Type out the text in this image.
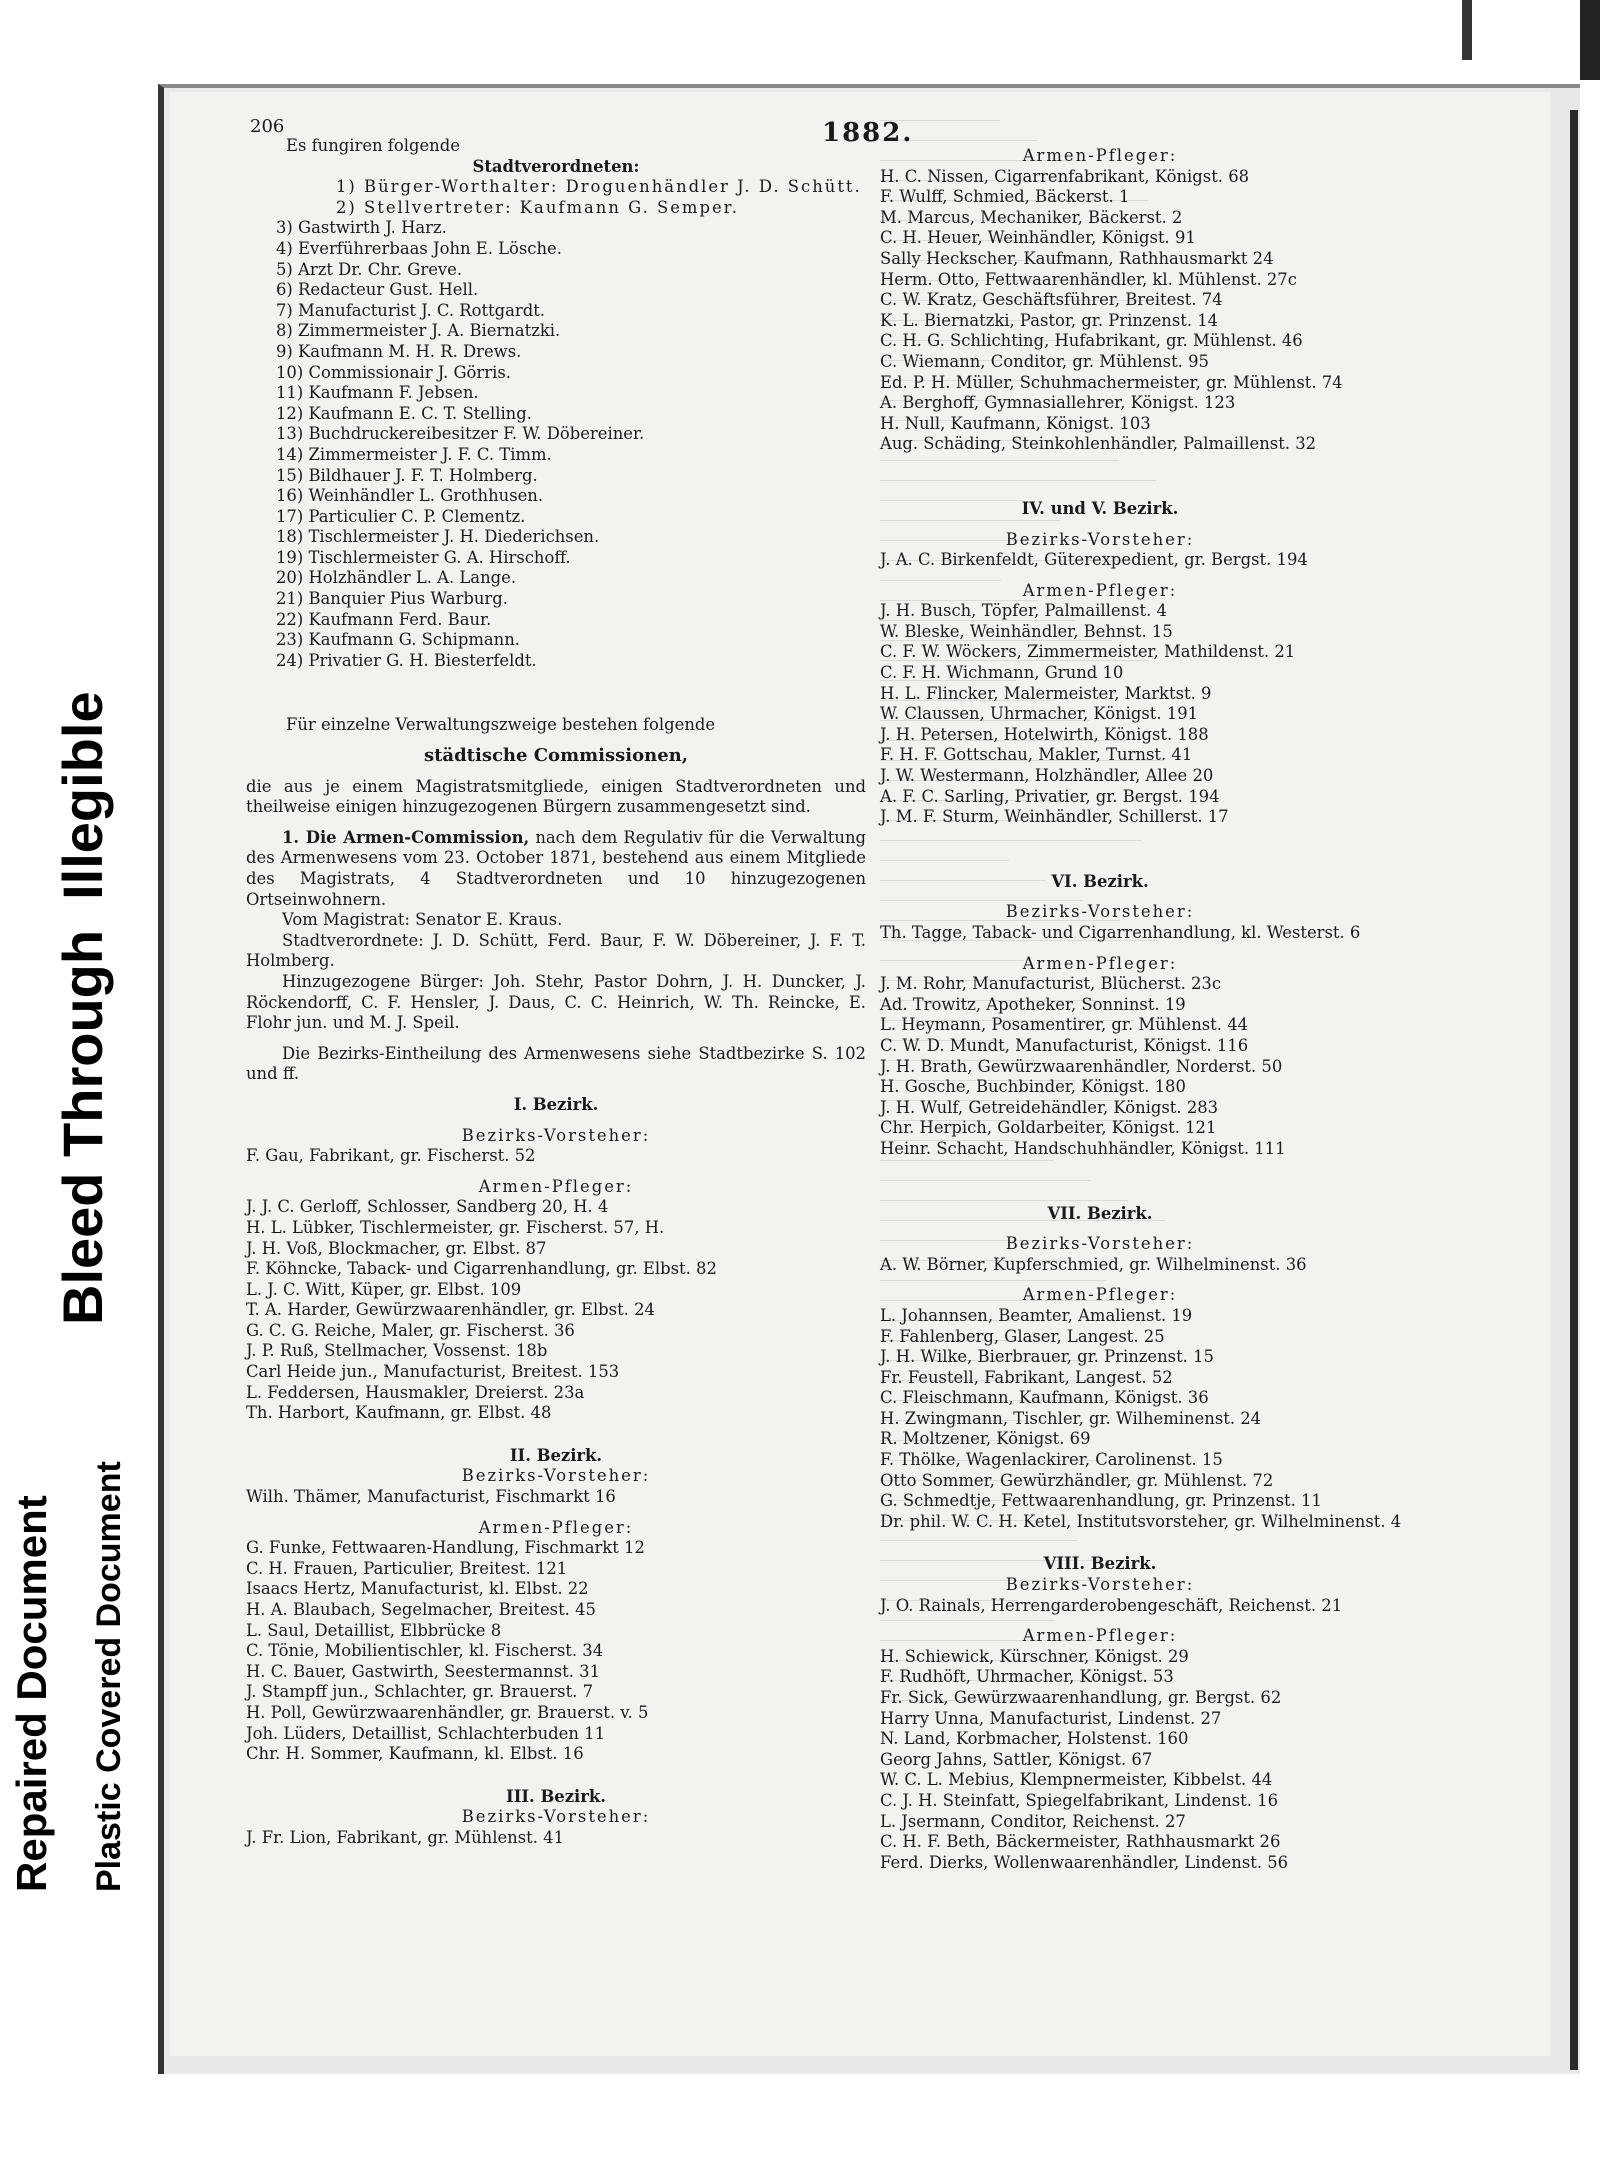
Repaired Document Plastic Covered Document
Bleed ThroughIllegible
206	1882.
Es fungiren folgende
Stadtverordneten:
1) Bürger-Worthalter: Droguenhändler J. D. Schütt.
2) Stellvertreter: Kaufmann G. Semper.
3) Gastwirth J. Harz.
4) Everführerbaas John E. Lösche.
5) Arzt Dr. Chr. Greve.
6) Redacteur Gust. Hell.
7) Manufacturist J. C. Rottgardt.
8) Zimmermeister J. A. Biernatzki.
9) Kaufmann M. H. R. Drews.
10) Commissionair J. Görris.
11) Kaufmann F. Jebsen.
12) Kaufmann E. C. T. Stelling.
13) Buchdruckereibesitzer F. W. Döbereiner.
14) Zimmermeister J. F. C. Timm.
15) Bildhauer J. F. T. Holmberg.
16) Weinhändler L. Grothhusen.
17) Particulier C. P. Clementz.
18) Tischlermeister J. H. Diederichsen.
19) Tischlermeister G. A. Hirschoff.
20) Holzhändler L. A. Lange.
21) Banquier Pius Warburg.
22) Kaufmann Ferd. Baur.
23) Kaufmann G. Schipmann.
24) Privatier G. H. Biesterfeldt.
Für einzelne Verwaltungszweige bestehen folgende
städtische Commissionen,
die aus je einem Magistratsmitgliede, einigen Stadtverordneten und theilweise einigen hinzugezogenen Bürgern zusammengesetzt sind.
1. Die Armen-Commission, nach dem Regulativ für die Verwaltung des Armenwesens vom 23. October 1871, bestehend aus einem Mitgliede des Magistrats, 4 Stadtverordneten und 10 hinzugezogenen Ortseinwohnern.
Vom Magistrat: Senator E. Kraus.
Stadtverordnete: J. D. Schütt, Ferd. Baur, F. W. Döbereiner, J. F. T. Holmberg.
Hinzugezogene Bürger: Joh. Stehr, Pastor Dohrn, J. H. Duncker, J. Röckendorff, C. F. Hensler, J. Daus, C. C. Heinrich, W. Th. Reincke, E. Flohr jun. und M. J. Speil.
Die Bezirks-Eintheilung des Armenwesens siehe Stadtbezirke S. 102 und ff.
I. Bezirk.
Bezirks-Vorsteher:
F. Gau, Fabrikant, gr. Fischerst. 52
Armen-Pfleger:
J. J. C. Gerloff, Schlosser, Sandberg 20, H. 4
H. L. Lübker, Tischlermeister, gr. Fischerst. 57, H.
J. H. Voß, Blockmacher, gr. Elbst. 87
F. Köhncke, Taback- und Cigarrenhandlung, gr. Elbst. 82
L. J. C. Witt, Küper, gr. Elbst. 109
T. A. Harder, Gewürzwaarenhändler, gr. Elbst. 24
G. C. G. Reiche, Maler, gr. Fischerst. 36
J. P. Ruß, Stellmacher, Vossenst. 18b
Carl Heide jun., Manufacturist, Breitest. 153
L. Feddersen, Hausmakler, Dreierst. 23a
Th. Harbort, Kaufmann, gr. Elbst. 48
II. Bezirk.
Bezirks-Vorsteher:
Wilh. Thämer, Manufacturist, Fischmarkt 16
Armen-Pfleger:
G. Funke, Fettwaaren-Handlung, Fischmarkt 12
C. H. Frauen, Particulier, Breitest. 121
Isaacs Hertz, Manufacturist, kl. Elbst. 22
H. A. Blaubach, Segelmacher, Breitest. 45
L. Saul, Detaillist, Elbbrücke 8
C. Tönie, Mobilientischler, kl. Fischerst. 34
H. C. Bauer, Gastwirth, Seestermannst. 31
J. Stampff jun., Schlachter, gr. Brauerst. 7
H. Poll, Gewürzwaarenhändler, gr. Brauerst. v. 5
Joh. Lüders, Detaillist, Schlachterbuden 11
Chr. H. Sommer, Kaufmann, kl. Elbst. 16
III. Bezirk.
Bezirks-Vorsteher:
J. Fr. Lion, Fabrikant, gr. Mühlenst. 41
Armen-Pfleger:
H. C. Nissen, Cigarrenfabrikant, Königst. 68
F. Wulff, Schmied, Bäckerst. 1
M. Marcus, Mechaniker, Bäckerst. 2
C. H. Heuer, Weinhändler, Königst. 91
Sally Heckscher, Kaufmann, Rathhausmarkt 24
Herm. Otto, Fettwaarenhändler, kl. Mühlenst. 27c
C. W. Kratz, Geschäftsführer, Breitest. 74
K. L. Biernatzki, Pastor, gr. Prinzenst. 14
C. H. G. Schlichting, Hufabrikant, gr. Mühlenst. 46
C. Wiemann, Conditor, gr. Mühlenst. 95
Ed. P. H. Müller, Schuhmachermeister, gr. Mühlenst. 74
A. Berghoff, Gymnasiallehrer, Königst. 123
H. Null, Kaufmann, Königst. 103
Aug. Schäding, Steinkohlenhändler, Palmaillenst. 32
IV. und V. Bezirk.
Bezirks-Vorsteher:
J. A. C. Birkenfeldt, Güterexpedient, gr. Bergst. 194
Armen-Pfleger:
J. H. Busch, Töpfer, Palmaillenst. 4
W. Bleske, Weinhändler, Behnst. 15
C. F. W. Wöckers, Zimmermeister, Mathildenst. 21
C. F. H. Wichmann, Grund 10
H. L. Flincker, Malermeister, Marktst. 9
W. Claussen, Uhrmacher, Königst. 191
J. H. Petersen, Hotelwirth, Königst. 188
F. H. F. Gottschau, Makler, Turnst. 41
J. W. Westermann, Holzhändler, Allee 20
A. F. C. Sarling, Privatier, gr. Bergst. 194
J. M. F. Sturm, Weinhändler, Schillerst. 17
VI. Bezirk.
Bezirks-Vorsteher:
Th. Tagge, Taback- und Cigarrenhandlung, kl. Westerst. 6
Armen-Pfleger:
J. M. Rohr, Manufacturist, Blücherst. 23c
Ad. Trowitz, Apotheker, Sonninst. 19
L. Heymann, Posamentirer, gr. Mühlenst. 44
C. W. D. Mundt, Manufacturist, Königst. 116
J. H. Brath, Gewürzwaarenhändler, Norderst. 50
H. Gosche, Buchbinder, Königst. 180
J. H. Wulf, Getreidehändler, Königst. 283
Chr. Herpich, Goldarbeiter, Königst. 121
Heinr. Schacht, Handschuhhändler, Königst. 111
VII. Bezirk.
Bezirks-Vorsteher:
A. W. Börner, Kupferschmied, gr. Wilhelminenst. 36
Armen-Pfleger:
L. Johannsen, Beamter, Amalienst. 19
F. Fahlenberg, Glaser, Langest. 25
J. H. Wilke, Bierbrauer, gr. Prinzenst. 15
Fr. Feustell, Fabrikant, Langest. 52
C. Fleischmann, Kaufmann, Königst. 36
H. Zwingmann, Tischler, gr. Wilheminenst. 24
R. Moltzener, Königst. 69
F. Thölke, Wagenlackirer, Carolinenst. 15
Otto Sommer, Gewürzhändler, gr. Mühlenst. 72
G. Schmedtje, Fettwaarenhandlung, gr. Prinzenst. 11
Dr. phil. W. C. H. Ketel, Institutsvorsteher, gr. Wilhelminenst. 4
VIII. Bezirk.
Bezirks-Vorsteher:
J. O. Rainals, Herrengarderobengeschäft, Reichenst. 21
Armen-Pfleger:
H. Schiewick, Kürschner, Königst. 29
F. Rudhöft, Uhrmacher, Königst. 53
Fr. Sick, Gewürzwaarenhandlung, gr. Bergst. 62
Harry Unna, Manufacturist, Lindenst. 27
N. Land, Korbmacher, Holstenst. 160
Georg Jahns, Sattler, Königst. 67
W. C. L. Mebius, Klempnermeister, Kibbelst. 44
C. J. H. Steinfatt, Spiegelfabrikant, Lindenst. 16
L. Jsermann, Conditor, Reichenst. 27
C. H. F. Beth, Bäckermeister, Rathhausmarkt 26
Ferd. Dierks, Wollenwaarenhändler, Lindenst. 56
